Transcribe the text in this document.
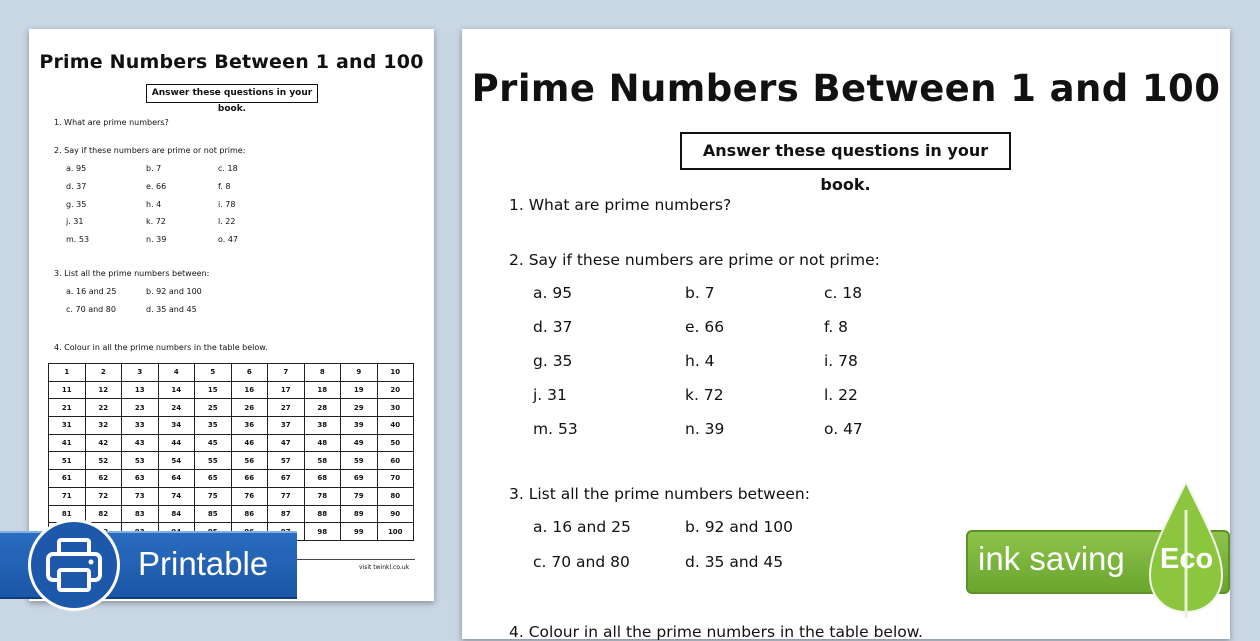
Prime Numbers Between 1 and 100
Answer these questions in your book.
1. What are prime numbers?
2. Say if these numbers are prime or not prime:
a. 95	b. 7	c. 18
d. 37	e. 66	f. 8
g. 35	h. 4	i. 78
j. 31	k. 72	l. 22
m. 53	n. 39	o. 47
3. List all the prime numbers between:
a. 16 and 25	b. 92 and 100
c. 70 and 80	d. 35 and 45
4. Colour in all the prime numbers in the table below.
1	2	3	4	5	6	7	8	9	10
11	12	13	14	15	16	17	18	19	20
21	22	23	24	25	26	27	28	29	30
31	32	33	34	35	36	37	38	39	40
41	42	43	44	45	46	47	48	49	50
51	52	53	54	55	56	57	58	59	60
61	62	63	64	65	66	67	68	69	70
71	72	73	74	75	76	77	78	79	80
81	82	83	84	85	86	87	88	89	90
							98	99	100
visit twinkl.co.uk
Prime Numbers Between 1 and 100
Answer these questions in your book.
1. What are prime numbers?
2. Say if these numbers are prime or not prime:
a. 95	b. 7	c. 18
d. 37	e. 66	f. 8
g. 35	h. 4	i. 78
j. 31	k. 72	l. 22
m. 53	n. 39	o. 47
3. List all the prime numbers between:
a. 16 and 25	b. 92 and 100
c. 70 and 80	d. 35 and 45
4. Colour in all the prime numbers in the table below.
Printable	ink saving Eco
